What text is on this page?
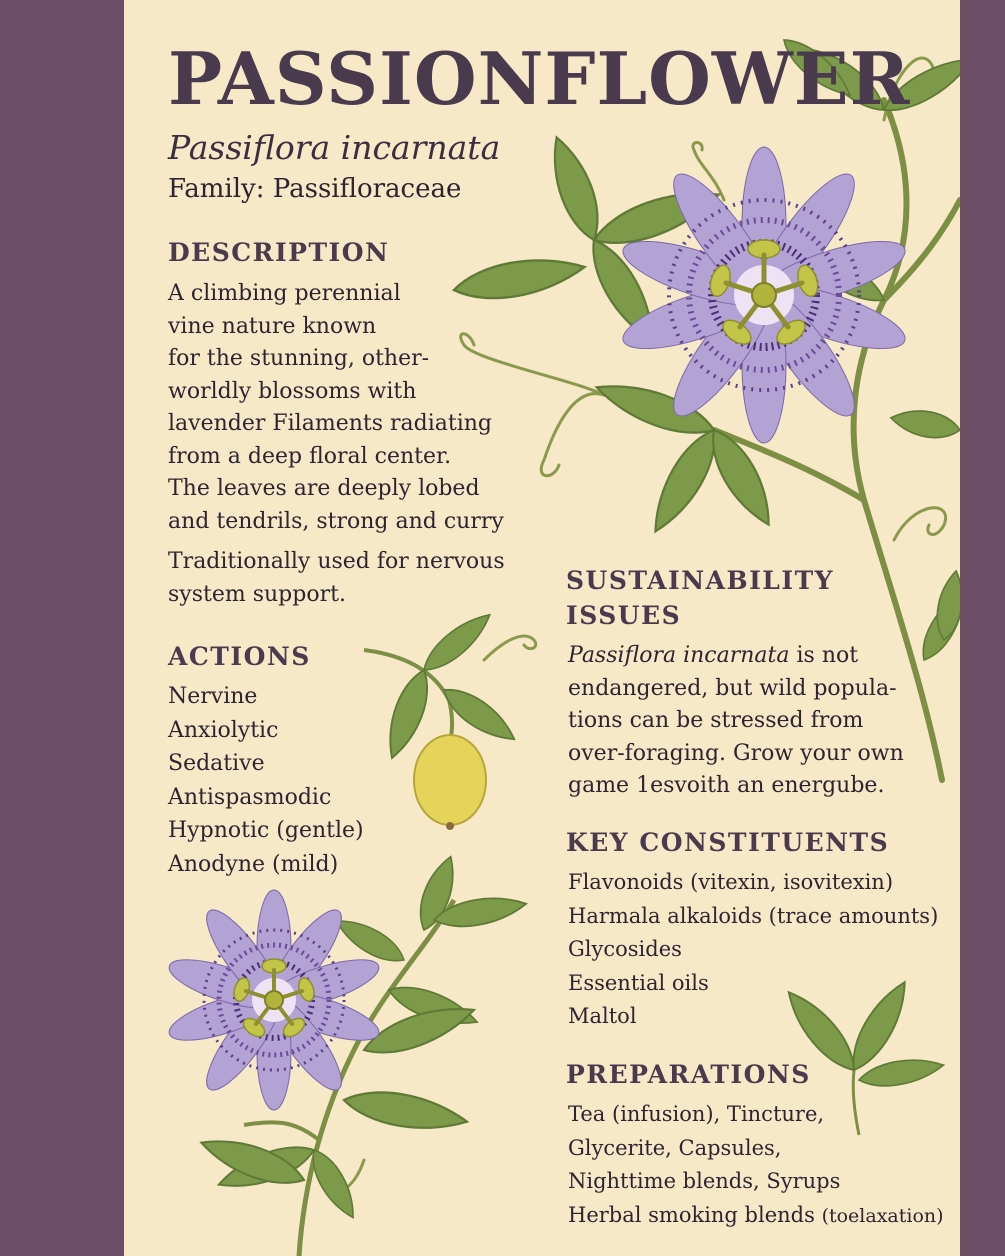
PASSIONFLOWER
Passiflora incarnata
Family: Passifloraceae
DESCRIPTION
A climbing perennial
vine nature known
for the stunning, other-
worldly blossoms with
lavender Filaments radiating
from a deep floral center.
The leaves are deeply lobed
and tendrils, strong and curry
Traditionally used for nervous
system support.
ACTIONS
Nervine
Anxiolytic
Sedative
Antispasmodic
Hypnotic (gentle)
Anodyne (mild)
SUSTAINABILITY
ISSUES
Passiflora incarnata is not
endangered, but wild popula-
tions can be stressed from
over-foraging. Grow your own
game 1esvoith an energube.
KEY CONSTITUENTS
Flavonoids (vitexin, isovitexin)
Harmala alkaloids (trace amounts)
Glycosides
Essential oils
Maltol
PREPARATIONS
Tea (infusion), Tincture,
Glycerite, Capsules,
Nighttime blends, Syrups
Herbal smoking blends (toelaxation)
